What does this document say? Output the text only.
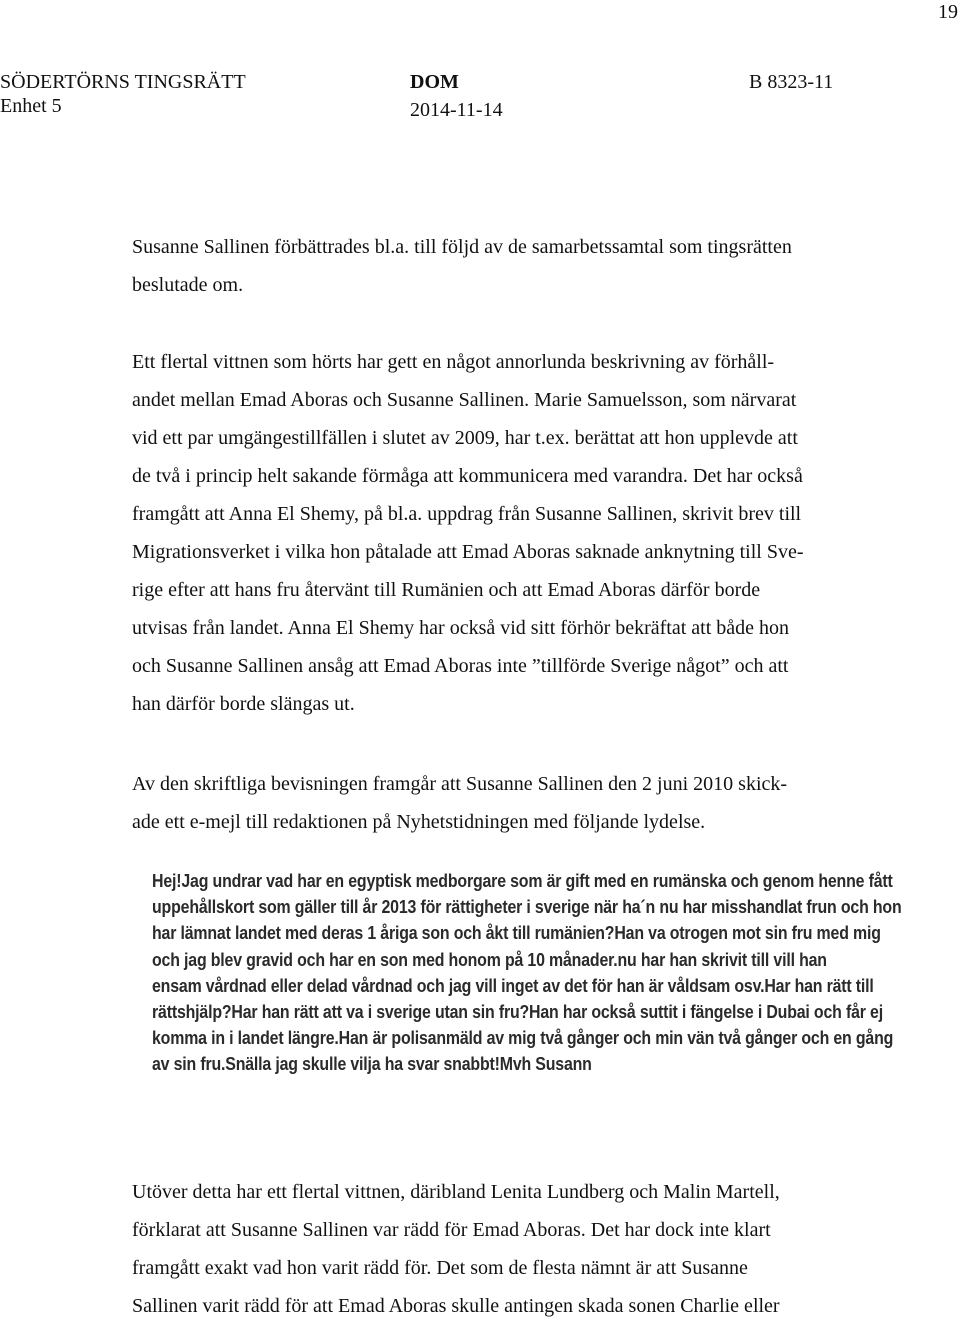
19
SÖDERTÖRNS TINGSRÄTT
Enhet 5
DOM
2014-11-14
B 8323-11
Susanne Sallinen förbättrades bl.a. till följd av de samarbetssamtal som tingsrätten
beslutade om.
Ett flertal vittnen som hörts har gett en något annorlunda beskrivning av förhåll-
andet mellan Emad Aboras och Susanne Sallinen. Marie Samuelsson, som närvarat
vid ett par umgängestillfällen i slutet av 2009, har t.ex. berättat att hon upplevde att
de två i princip helt sakande förmåga att kommunicera med varandra. Det har också
framgått att Anna El Shemy, på bl.a. uppdrag från Susanne Sallinen, skrivit brev till
Migrationsverket i vilka hon påtalade att Emad Aboras saknade anknytning till Sve-
rige efter att hans fru återvänt till Rumänien och att Emad Aboras därför borde
utvisas från landet. Anna El Shemy har också vid sitt förhör bekräftat att både hon
och Susanne Sallinen ansåg att Emad Aboras inte ”tillförde Sverige något” och att
han därför borde slängas ut.
Av den skriftliga bevisningen framgår att Susanne Sallinen den 2 juni 2010 skick-
ade ett e-mejl till redaktionen på Nyhetstidningen med följande lydelse.
Hej!Jag undrar vad har en egyptisk medborgare som är gift med en rumänska och genom henne fått
uppehållskort som gäller till år 2013 för rättigheter i sverige när ha´n nu har misshandlat frun och hon
har lämnat landet med deras 1 åriga son och åkt till rumänien?Han va otrogen mot sin fru med mig
och jag blev gravid och har en son med honom på 10 månader.nu har han skrivit till vill han
ensam vårdnad eller delad vårdnad och jag vill inget av det för han är våldsam osv.Har han rätt till
rättshjälp?Har han rätt att va i sverige utan sin fru?Han har också suttit i fängelse i Dubai och får ej
komma in i landet längre.Han är polisanmäld av mig två gånger och min vän två gånger och en gång
av sin fru.Snälla jag skulle vilja ha svar snabbt!Mvh Susann
Utöver detta har ett flertal vittnen, däribland Lenita Lundberg och Malin Martell,
förklarat att Susanne Sallinen var rädd för Emad Aboras. Det har dock inte klart
framgått exakt vad hon varit rädd för. Det som de flesta nämnt är att Susanne
Sallinen varit rädd för att Emad Aboras skulle antingen skada sonen Charlie eller
